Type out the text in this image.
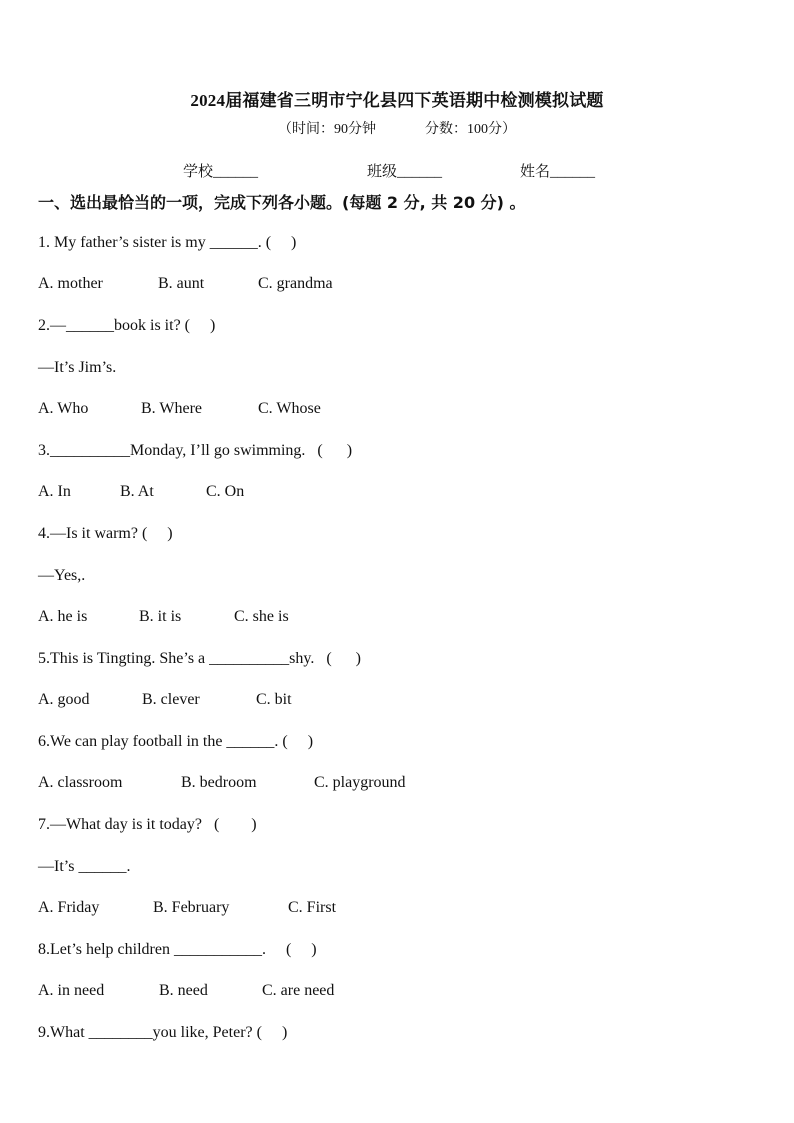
2024届福建省三明市宁化县四下英语期中检测模拟试题
（时间：90分钟              分数：100分）
学校______	班级______	姓名______
一、选出最恰当的一项，完成下列各小题。(每题 2 分, 共 20 分) 。
1. My father’s sister is my ______. (     )
A. mother	B. aunt	C. grandma
2.—______book is it? (     )
—It’s Jim’s.
A. Who	B. Where	C. Whose
3.__________Monday, I’ll go swimming.   (      )
A. In	B. At	C. On
4.—Is it warm? (     )
—Yes,.
A. he is	B. it is	C. she is
5.This is Tingting. She’s a __________shy.   (      )
A. good	B. clever	C. bit
6.We can play football in the ______. (     )
A. classroom	B. bedroom	C. playground
7.—What day is it today?   (        )
—It’s ______.
A. Friday	B. February	C. First
8.Let’s help children ___________.     (     )
A. in need	B. need	C. are need
9.What ________you like, Peter? (     )
